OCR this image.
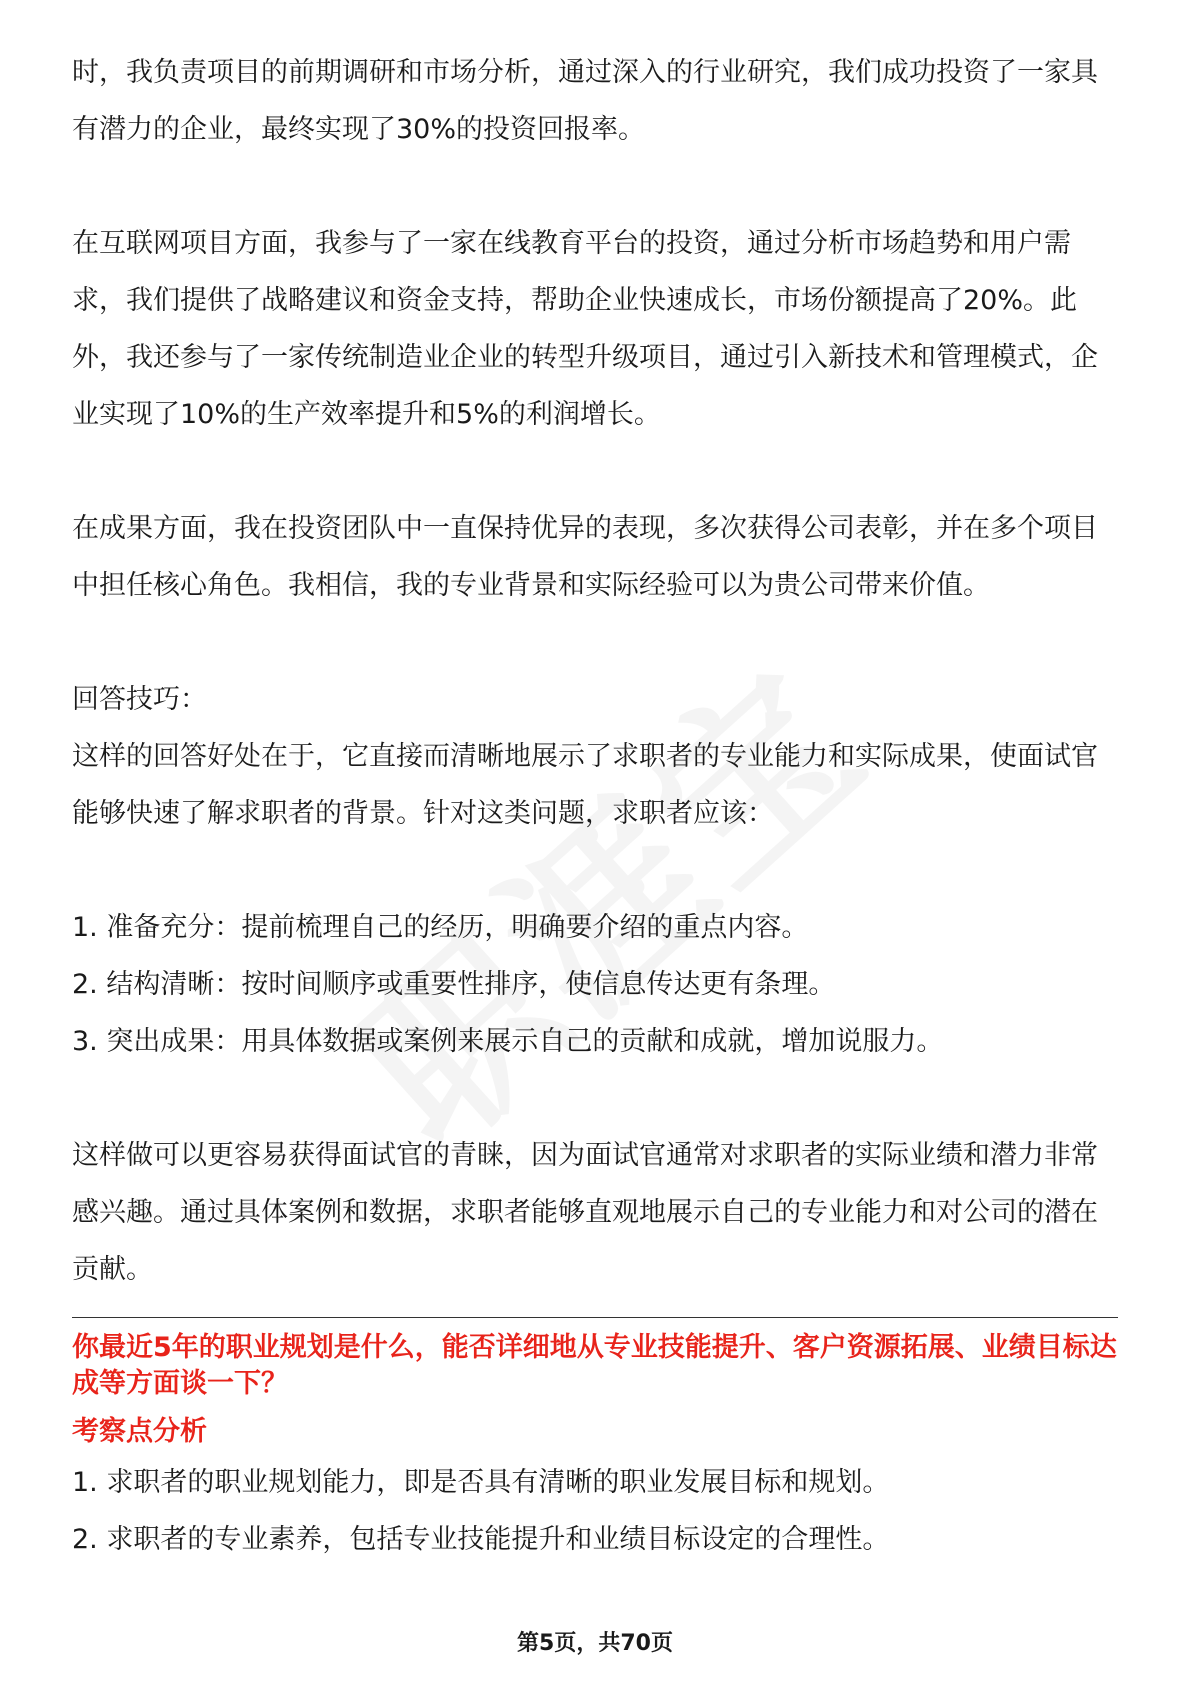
时，我负责项目的前期调研和市场分析，通过深入的行业研究，我们成功投资了一家具有潜力的企业，最终实现了30%的投资回报率。

在互联网项目方面，我参与了一家在线教育平台的投资，通过分析市场趋势和用户需求，我们提供了战略建议和资金支持，帮助企业快速成长，市场份额提高了20%。此外，我还参与了一家传统制造业企业的转型升级项目，通过引入新技术和管理模式，企业实现了10%的生产效率提升和5%的利润增长。

在成果方面，我在投资团队中一直保持优异的表现，多次获得公司表彰，并在多个项目中担任核心角色。我相信，我的专业背景和实际经验可以为贵公司带来价值。

回答技巧：

这样的回答好处在于，它直接而清晰地展示了求职者的专业能力和实际成果，使面试官能够快速了解求职者的背景。针对这类问题，求职者应该：

1. 准备充分：提前梳理自己的经历，明确要介绍的重点内容。

2. 结构清晰：按时间顺序或重要性排序，使信息传达更有条理。

3. 突出成果：用具体数据或案例来展示自己的贡献和成就，增加说服力。

这样做可以更容易获得面试官的青睐，因为面试官通常对求职者的实际业绩和潜力非常感兴趣。通过具体案例和数据，求职者能够直观地展示自己的专业能力和对公司的潜在贡献。

你最近5年的职业规划是什么，能否详细地从专业技能提升、客户资源拓展、业绩目标达成等方面谈一下？

考察点分析

1. 求职者的职业规划能力，即是否具有清晰的职业发展目标和规划。

2. 求职者的专业素养，包括专业技能提升和业绩目标设定的合理性。

第5页，共70页
